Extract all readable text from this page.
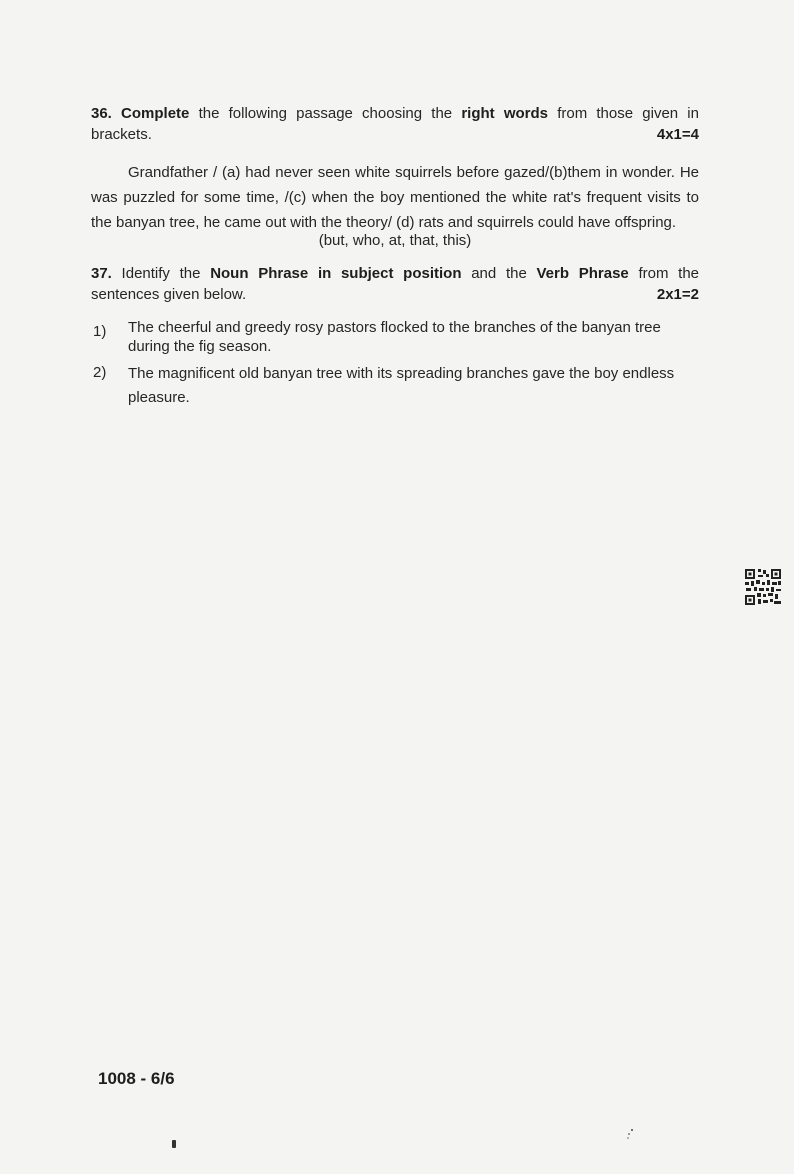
36. Complete the following passage choosing the right words from those given in
brackets.	4x1=4
Grandfather / (a) had never seen white squirrels before gazed/(b)them in wonder. He
was puzzled for some time, /(c) when the boy mentioned the white rat's frequent visits to
the banyan tree, he came out with the theory/ (d) rats and squirrels could have offspring.
(but, who, at, that, this)
37. Identify the Noun Phrase in subject position and the Verb Phrase from the
sentences given below.	2x1=2
1) The cheerful and greedy rosy pastors flocked to the branches of the banyan tree
during the fig season.
2) The magnificent old banyan tree with its spreading branches gave the boy endless
pleasure.
1008 - 6/6
